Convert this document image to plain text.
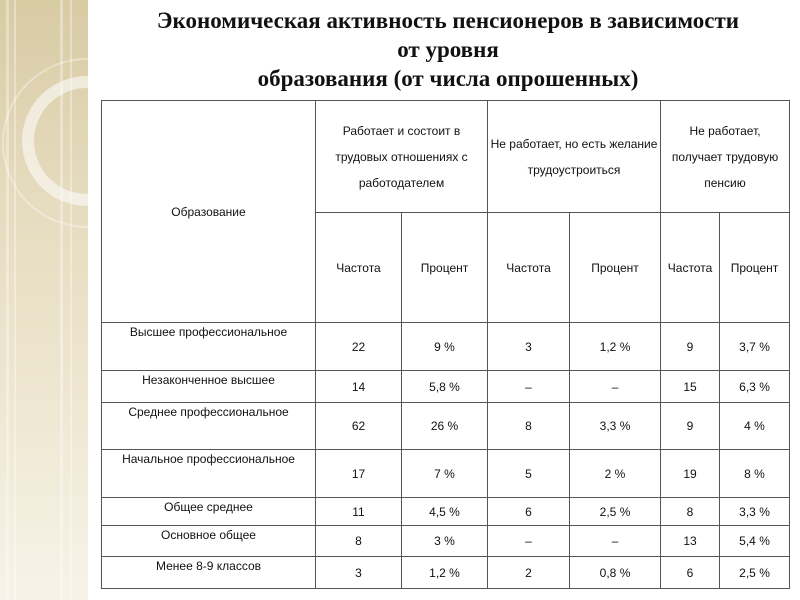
Экономическая активность пенсионеров в зависимости
от уровня
образования (от числа опрошенных)
Образование	Работает и состоит в трудовых отношениях с работодателем		Не работает, но есть желание трудоустроиться		Не работает, получает трудовую пенсию	
	Частота	Процент	Частота	Процент	Частота	Процент
Высшее профессиональное	22	9 %	3	1,2 %	9	3,7 %
Незаконченное высшее	14	5,8 %	–	–	15	6,3 %
Среднее профессиональное	62	26 %	8	3,3 %	9	4 %
Начальное профессиональное	17	7 %	5	2 %	19	8 %
Общее среднее	11	4,5 %	6	2,5 %	8	3,3 %
Основное общее	8	3 %	–	–	13	5,4 %
Менее 8-9 классов	3	1,2 %	2	0,8 %	6	2,5 %
